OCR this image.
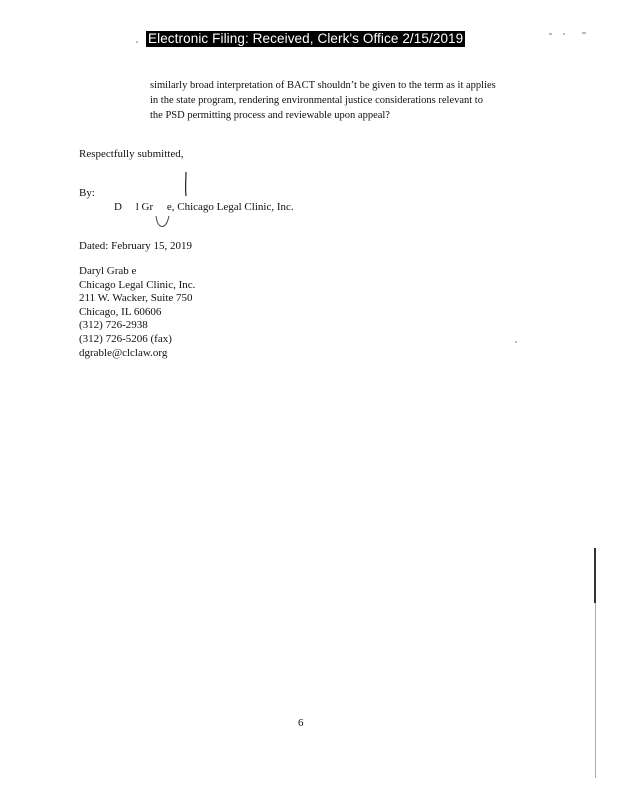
Electronic Filing: Received, Clerk's Office 2/15/2019
similarly broad interpretation of BACT shouldn’t be given to the term as it applies
in the state program, rendering environmental justice considerations relevant to
the PSD permitting process and reviewable upon appeal?
Respectfully submitted,
By:
D  l Gr  e, Chicago Legal Clinic, Inc.
Dated: February 15, 2019
Daryl Grab e
Chicago Legal Clinic, Inc.
211 W. Wacker, Suite 750
Chicago, IL 60606
(312) 726-2938
(312) 726-5206 (fax)
dgrable@clclaw.org
6
